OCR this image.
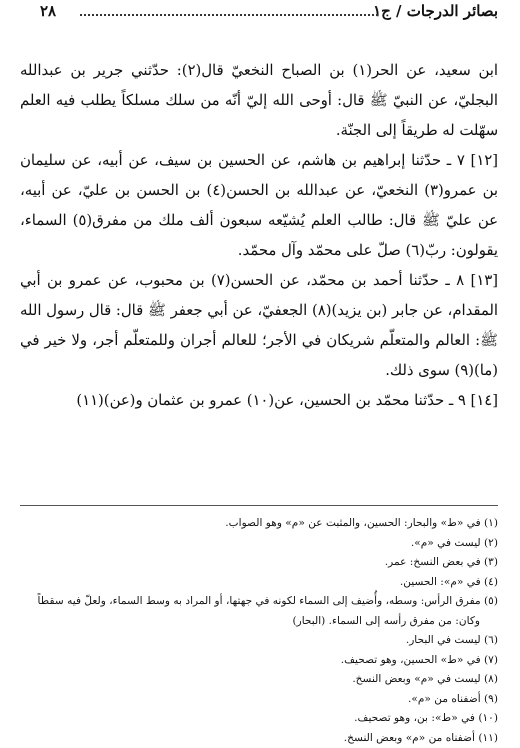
بصائر الدرجات / ج١
٢٨

ابن سعيد، عن الحر(١) بن الصباح النخعيّ قال(٢): حدّثني جرير بن عبدالله البجليّ، عن النبيّ ﷺ قال: أوحى الله إليّ أنّه من سلك مسلكاً يطلب فيه العلم سهّلت له طريقاً إلى الجنّة.

[١٢] ٧ ـ حدّثنا إبراهيم بن هاشم، عن الحسين بن سيف، عن أبيه، عن سليمان بن عمرو(٣) النخعيّ، عن عبدالله بن الحسن(٤) بن الحسن بن عليّ، عن أبيه، عن عليّ ﷺ قال: طالب العلم يُشيّعه سبعون ألف ملك من مفرق(٥) السماء، يقولون: ربّ(٦) صلّ على محمّد وآل محمّد.

[١٣] ٨ ـ حدّثنا أحمد بن محمّد، عن الحسن(٧) بن محبوب، عن عمرو بن أبي المقدام، عن جابر (بن يزيد)(٨) الجعفيّ، عن أبي جعفر ﷺ قال: قال رسول الله ﷺ: العالم والمتعلّم شريكان في الأجر؛ للعالم أجران وللمتعلّم أجر، ولا خير في (ما)(٩) سوى ذلك.

[١٤] ٩ ـ حدّثنا محمّد بن الحسين، عن(١٠) عمرو بن عثمان و(عن)(١١)

(١) في «ط» والبحار: الحسين، والمثبت عن «م» وهو الصواب.
(٢) ليست في «م».
(٣) في بعض النسخ: عمر.
(٤) في «م»: الحسين.
(٥) مفرق الرأس: وسطه، وأُضيف إلى السماء لكونه في جهتها، أو المراد به وسط السماء، ولعلّ فيه سقطاً
وكان: من مفرق رأسه إلى السماء. (البحار)
(٦) ليست في البحار.
(٧) في «ط» الحسين، وهو تصحيف.
(٨) ليست في «م» وبعض النسخ.
(٩) أضفناه من «م».
(١٠) في «ط»: بن، وهو تصحيف.
(١١) أضفناه من «م» وبعض النسخ.
